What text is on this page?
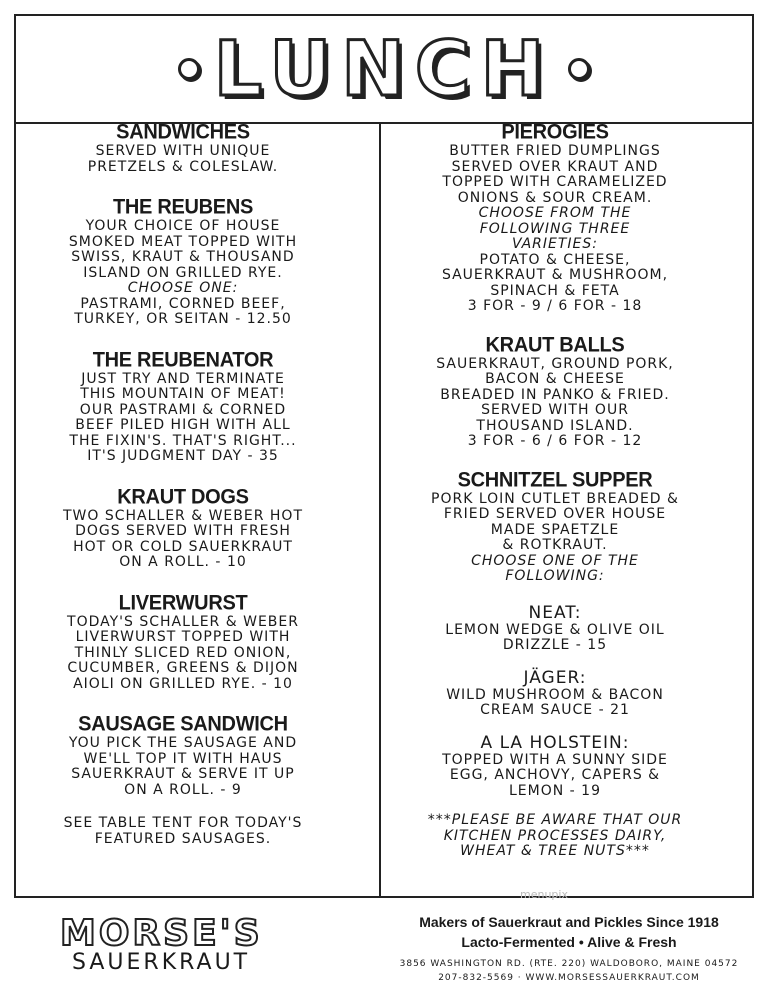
LUNCH
SANDWICHES
SERVED WITH UNIQUE
PRETZELS & COLESLAW.
THE REUBENS
YOUR CHOICE OF HOUSE
SMOKED MEAT TOPPED WITH
SWISS, KRAUT & THOUSAND
ISLAND ON GRILLED RYE.
CHOOSE ONE:
PASTRAMI, CORNED BEEF,
TURKEY, OR SEITAN - 12.50
THE REUBENATOR
JUST TRY AND TERMINATE
THIS MOUNTAIN OF MEAT!
OUR PASTRAMI & CORNED
BEEF PILED HIGH WITH ALL
THE FIXIN'S. THAT'S RIGHT...
IT'S JUDGMENT DAY - 35
KRAUT DOGS
TWO SCHALLER & WEBER HOT
DOGS SERVED WITH FRESH
HOT OR COLD SAUERKRAUT
ON A ROLL. - 10
LIVERWURST
TODAY'S SCHALLER & WEBER
LIVERWURST TOPPED WITH
THINLY SLICED RED ONION,
CUCUMBER, GREENS & DIJON
AIOLI ON GRILLED RYE. - 10
SAUSAGE SANDWICH
YOU PICK THE SAUSAGE AND
WE'LL TOP IT WITH HAUS
SAUERKRAUT & SERVE IT UP
ON A ROLL. - 9
SEE TABLE TENT FOR TODAY'S
FEATURED SAUSAGES.
PIEROGIES
BUTTER FRIED DUMPLINGS
SERVED OVER KRAUT AND
TOPPED WITH CARAMELIZED
ONIONS & SOUR CREAM.
CHOOSE FROM THE
FOLLOWING THREE
VARIETIES:
POTATO & CHEESE,
SAUERKRAUT & MUSHROOM,
SPINACH & FETA
3 FOR - 9 / 6 FOR - 18
KRAUT BALLS
SAUERKRAUT, GROUND PORK,
BACON & CHEESE
BREADED IN PANKO & FRIED.
SERVED WITH OUR
THOUSAND ISLAND.
3 FOR - 6 / 6 FOR - 12
SCHNITZEL SUPPER
PORK LOIN CUTLET BREADED &
FRIED SERVED OVER HOUSE
MADE SPAETZLE
& ROTKRAUT.
CHOOSE ONE OF THE
FOLLOWING:
NEAT:
LEMON WEDGE & OLIVE OIL
DRIZZLE - 15
JÄGER:
WILD MUSHROOM & BACON
CREAM SAUCE - 21
A LA HOLSTEIN:
TOPPED WITH A SUNNY SIDE
EGG, ANCHOVY, CAPERS &
LEMON - 19
***PLEASE BE AWARE THAT OUR
KITCHEN PROCESSES DAIRY,
WHEAT & TREE NUTS***
MORSE'S
SAUERKRAUT
Makers of Sauerkraut and Pickles Since 1918
Lacto-Fermented • Alive & Fresh
3856 WASHINGTON RD. (RTE. 220) WALDOBORO, MAINE 04572
207-832-5569 · WWW.MORSESSAUERKRAUT.COM
menupix
